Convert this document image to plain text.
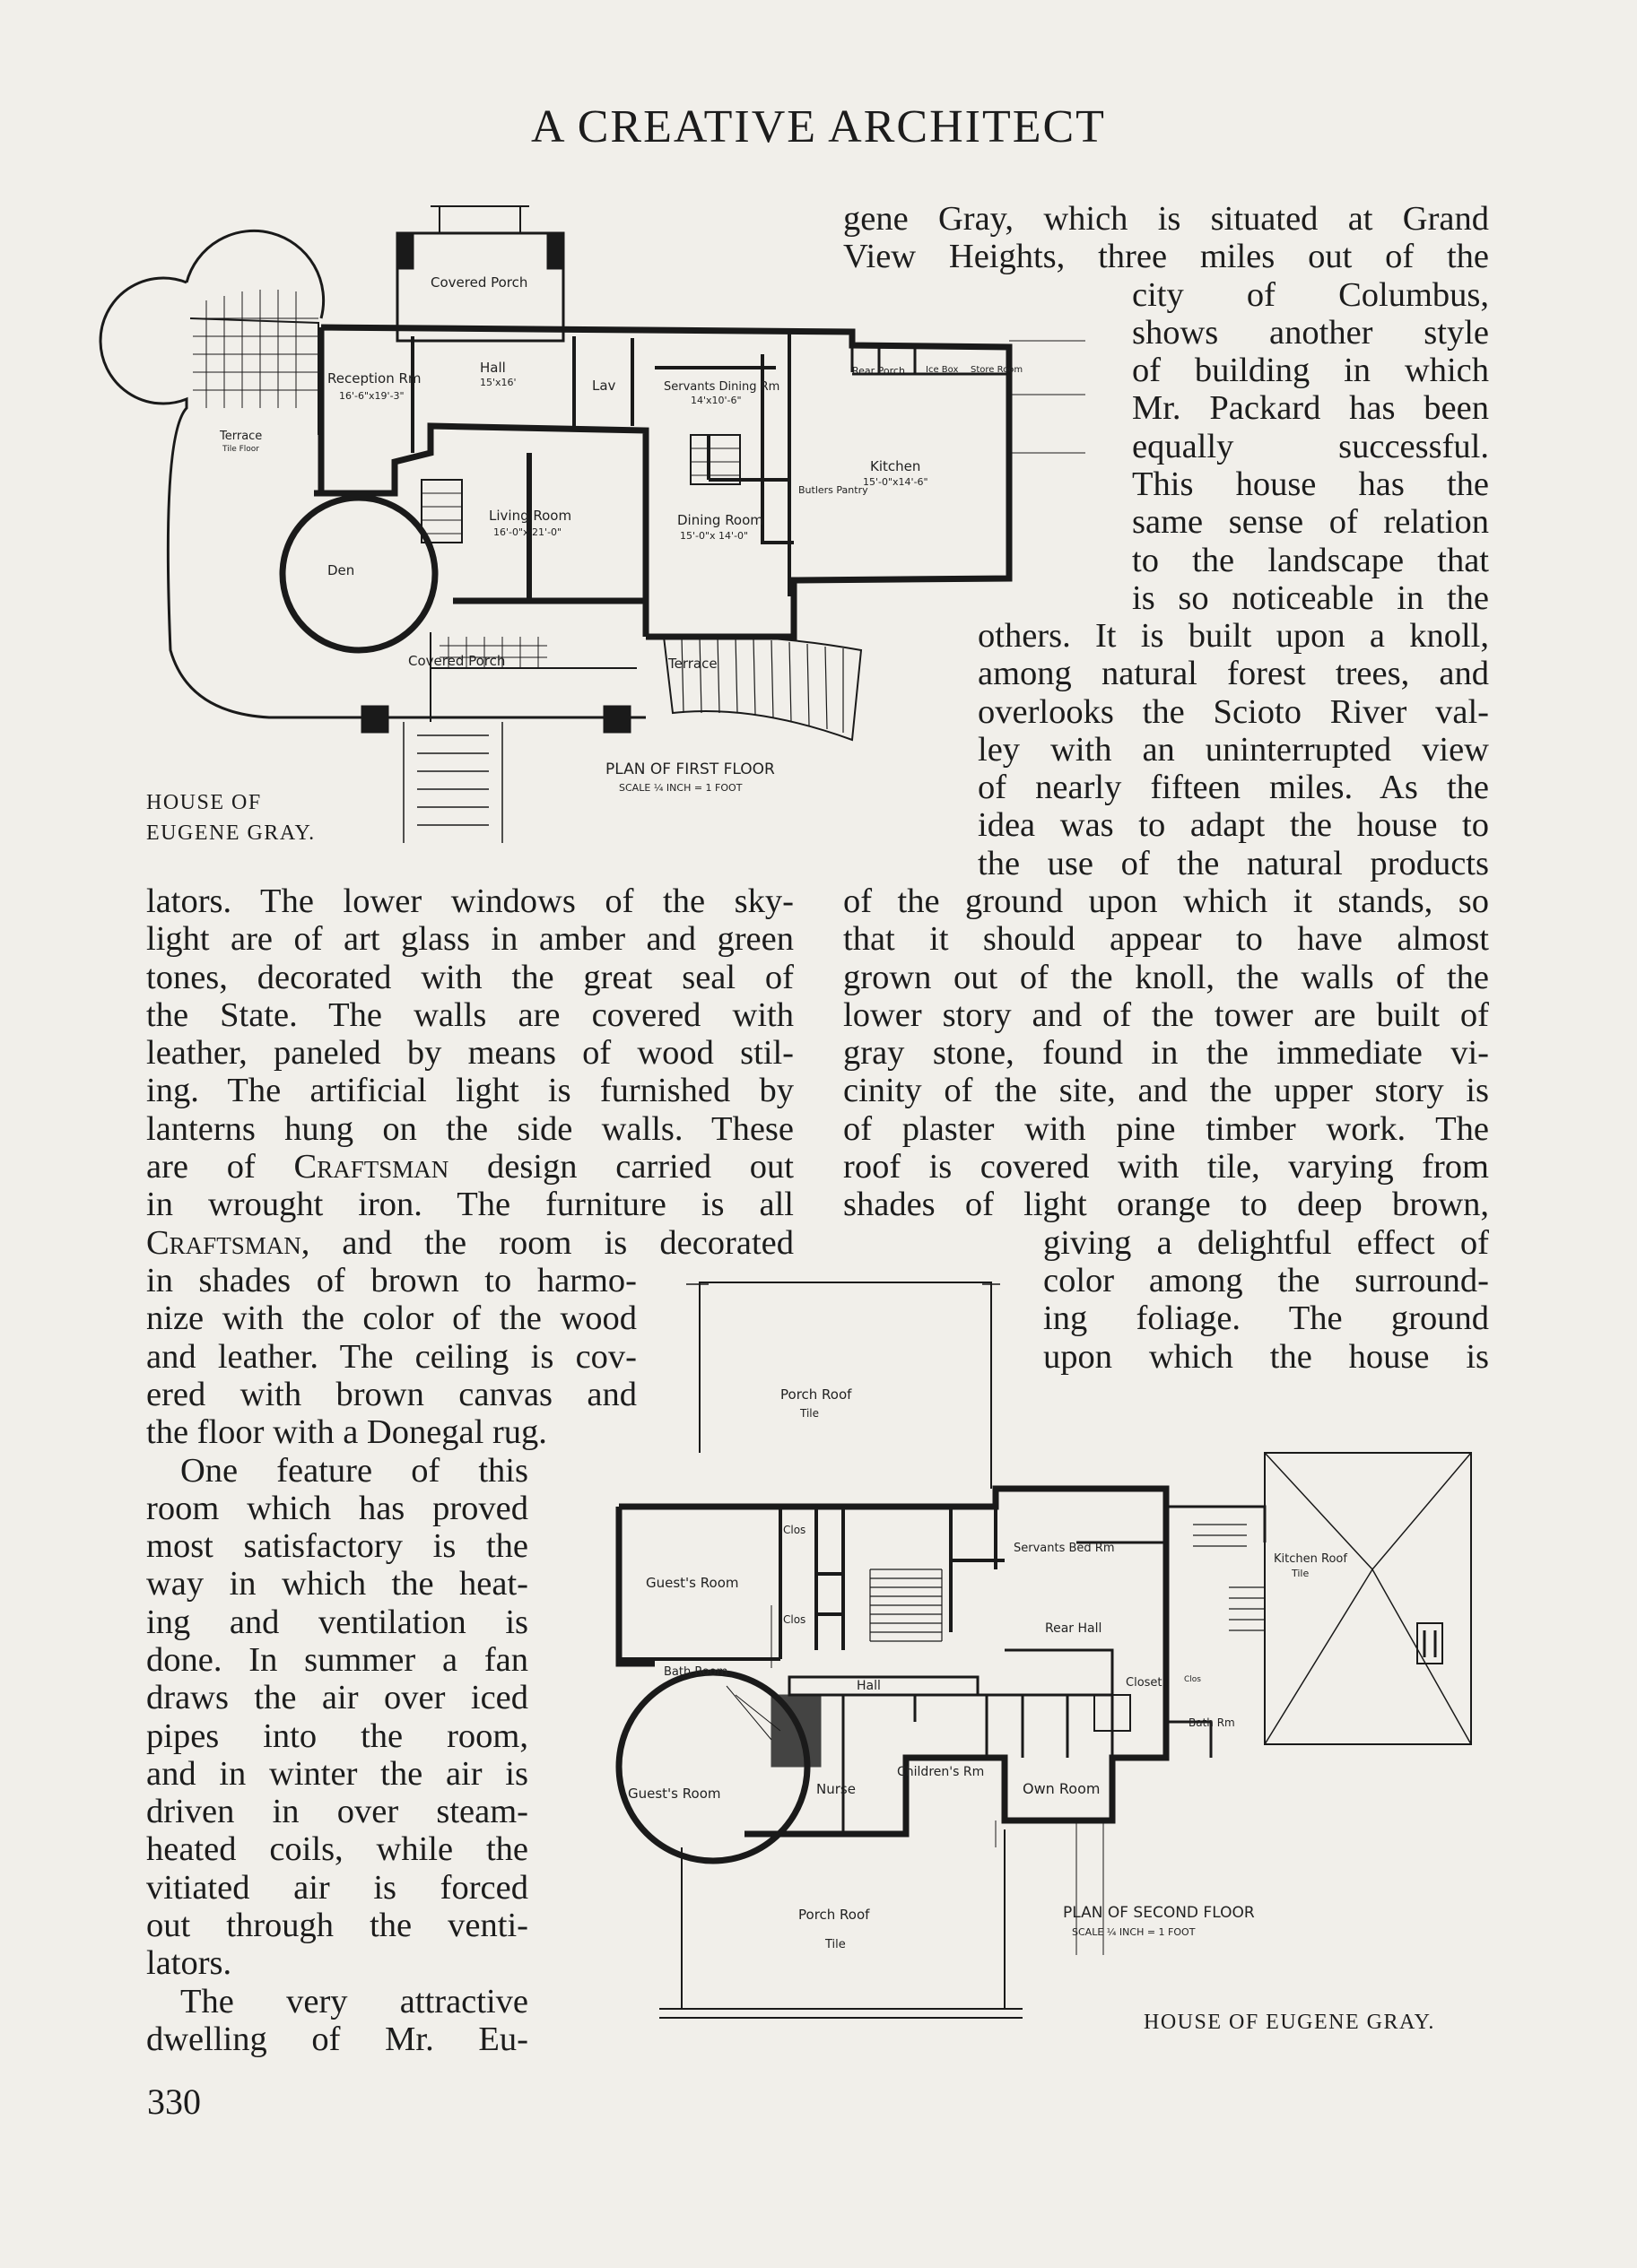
A CREATIVE ARCHITECT
Covered Porch
Reception Rm
16'-6"x19'-3"
Hall
15'x16'	Lav	Servants Dining Rm
14'x10'-6"
Rear Porch Ice Box Store Room
Kitchen
15'-0"x14'-6"
Butlers Pantry
Terrace
Tile Floor
Living Room
16'-0"x 21'-0"
Dining Room
15'-0"x 14'-0"
Den
Covered Porch	Terrace
PLAN OF FIRST FLOOR
SCALE ¼ INCH = 1 FOOT
HOUSE OF
EUGENE GRAY.
gene Gray, which is situated at Grand
View Heights, three miles out of the
city of Columbus,
shows another style
of building in which
Mr. Packard has been
equally successful.
This house has the
same sense of relation
to the landscape that
is so noticeable in the
others. It is built upon a knoll,
among natural forest trees, and
overlooks the Scioto River val-
ley with an uninterrupted view
of nearly fifteen miles. As the
idea was to adapt the house to
the use of the natural products
of the ground upon which it stands, so
that it should appear to have almost
grown out of the knoll, the walls of the
lower story and of the tower are built of
gray stone, found in the immediate vi-
cinity of the site, and the upper story is
of plaster with pine timber work. The
roof is covered with tile, varying from
shades of light orange to deep brown,
giving a delightful effect of
color among the surround-
ing foliage. The ground
upon which the house is
lators. The lower windows of the sky-
light are of art glass in amber and green
tones, decorated with the great seal of
the State. The walls are covered with
leather, paneled by means of wood stil-
ing. The artificial light is furnished by
lanterns hung on the side walls. These
are of Craftsman design carried out
in wrought iron. The furniture is all
Craftsman, and the room is decorated
in shades of brown to harmo-
nize with the color of the wood
and leather. The ceiling is cov-
ered with brown canvas and
the floor with a Donegal rug.
One feature of this
room which has proved
most satisfactory is the
way in which the heat-
ing and ventilation is
done. In summer a fan
draws the air over iced
pipes into the room,
and in winter the air is
driven in over steam-
heated coils, while the
vitiated air is forced
out through the venti-
lators.
The very attractive
dwelling of Mr. Eu-
Porch Roof
Tile
Guest's Room
Clos
Clos
Servants Bed Rm
Rear Hall
Kitchen Roof
Tile
Bath Room
Hall	Closet	Clos
Bath Rm
Guest's Room	Nurse
Children's Rm
Own Room
Porch Roof
Tile
PLAN OF SECOND FLOOR
SCALE ¼ INCH = 1 FOOT
HOUSE OF EUGENE GRAY.
330
